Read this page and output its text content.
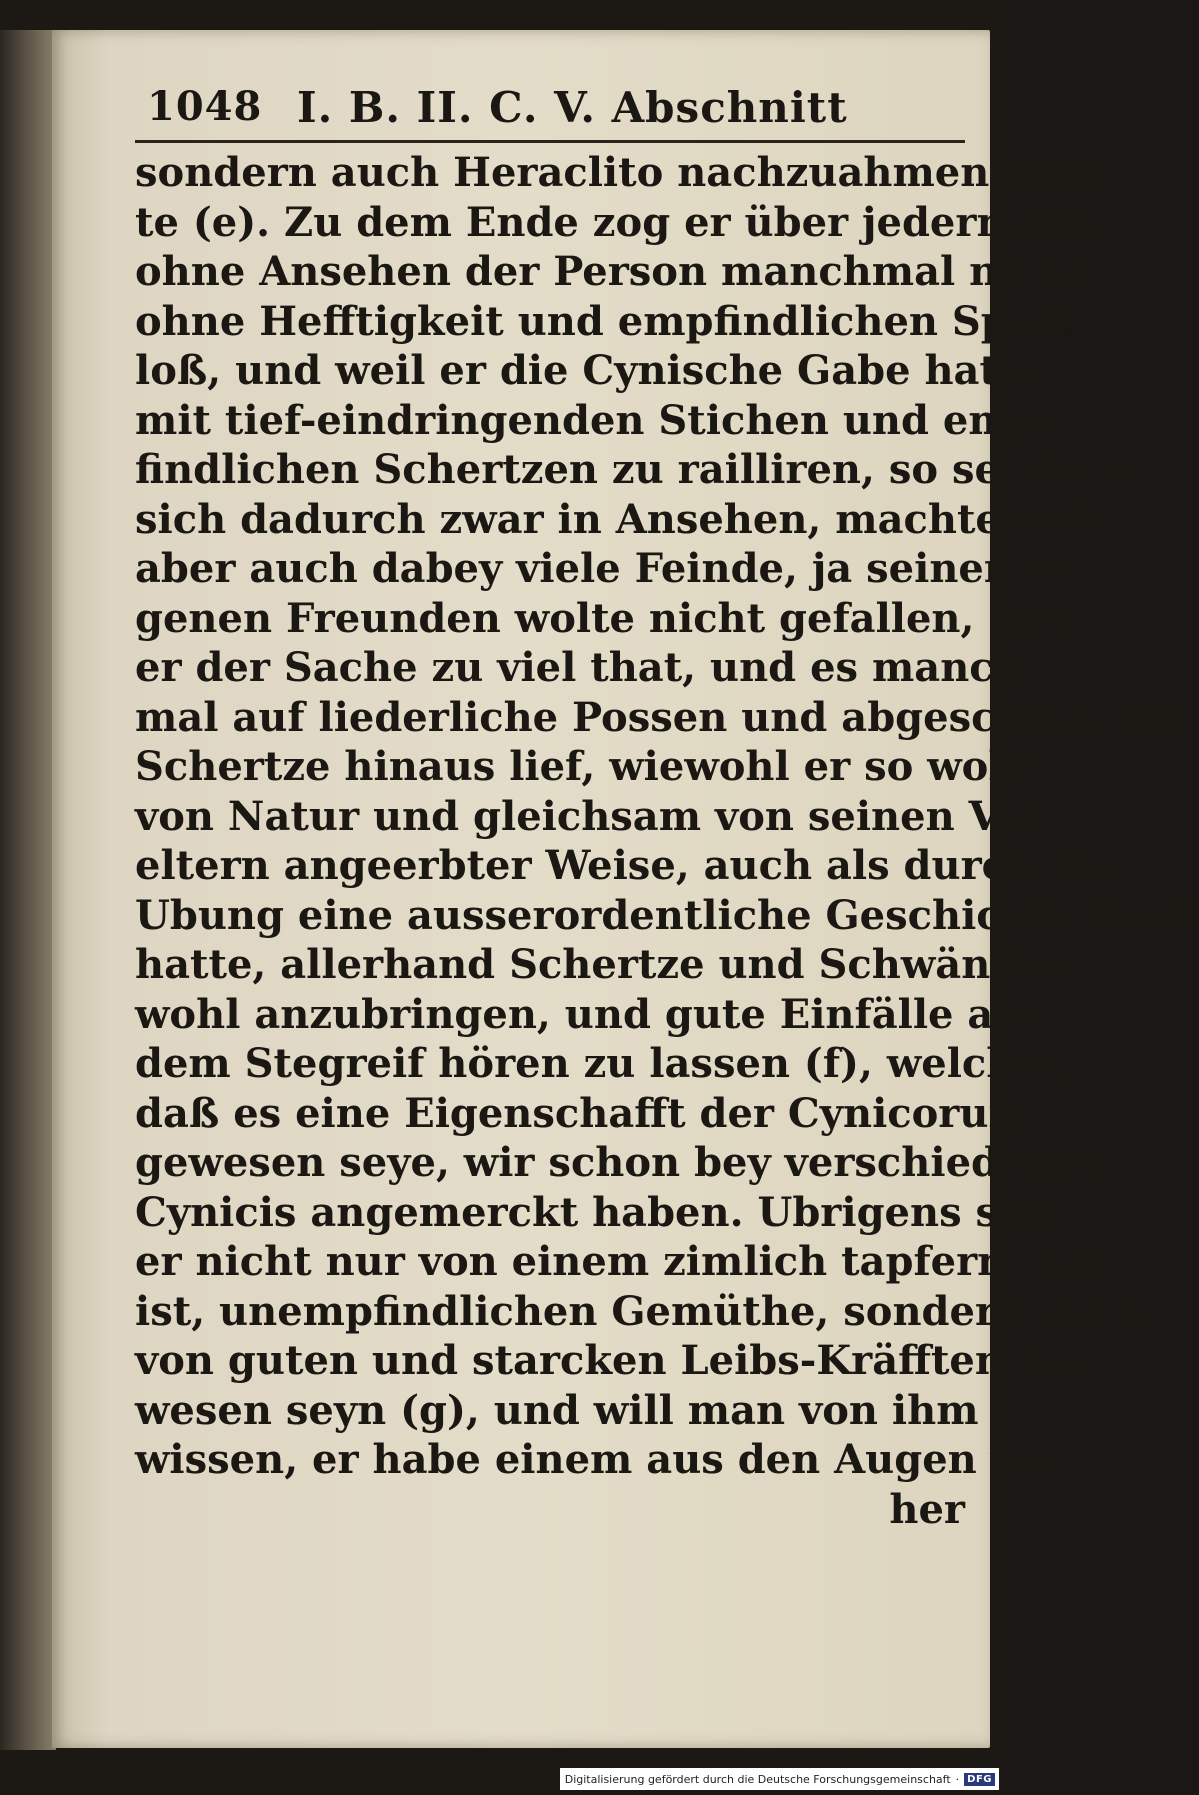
1048 I. B. II. C. V. Abschnitt
sondern auch Heraclito nachzuahmen such-
te (e). Zu dem Ende zog er über jedermann
ohne Ansehen der Person manchmal nicht
ohne Hefftigkeit und empfindlichen Spott
loß, und weil er die Cynische Gabe hatte,
mit tief-eindringenden Stichen und emp-
findlichen Schertzen zu railliren, so setzte er
sich dadurch zwar in Ansehen, machte sich
aber auch dabey viele Feinde, ja seinen ei-
genen Freunden wolte nicht gefallen, daß
er der Sache zu viel that, und es manch-
mal auf liederliche Possen und abgeschmackte
Schertze hinaus lief, wiewohl er so wohl
von Natur und gleichsam von seinen Vor-
eltern angeerbter Weise, auch als durch die
Ubung eine ausserordentliche Geschicklichkeit
hatte, allerhand Schertze und Schwäncke
wohl anzubringen, und gute Einfälle aus
dem Stegreif hören zu lassen (f), welches,
daß es eine Eigenschafft der Cynicorum
gewesen seye, wir schon bey verschiedenen
Cynicis angemerckt haben. Ubrigens soll
er nicht nur von einem zimlich tapfern, das
ist, unempfindlichen Gemüthe, sondern auch
von guten und starcken Leibs-Kräfften ge-
wesen seyn (g), und will man von ihm
wissen, er habe einem aus den Augen vor-
her
Digitalisierung gefördert durch die Deutsche Forschungsgemeinschaft · DFG
